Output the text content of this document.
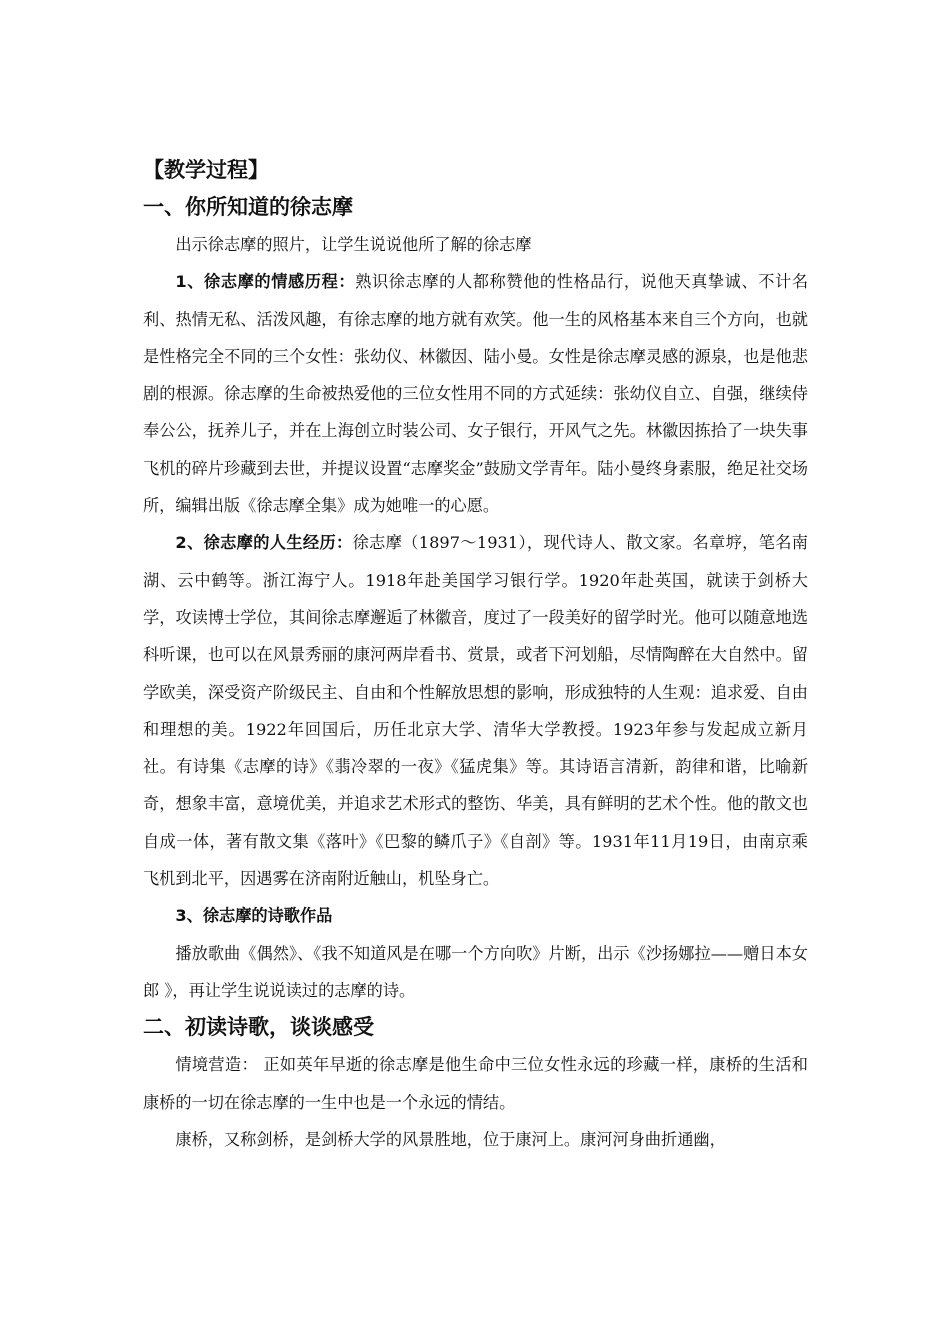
【教学过程】
一、你所知道的徐志摩

出示徐志摩的照片，让学生说说他所了解的徐志摩

1、徐志摩的情感历程：熟识徐志摩的人都称赞他的性格品行，说他天真挚诚、不计名利、热情无私、活泼风趣，有徐志摩的地方就有欢笑。他一生的风格基本来自三个方向，也就是性格完全不同的三个女性：张幼仪、林徽因、陆小曼。女性是徐志摩灵感的源泉，也是他悲剧的根源。徐志摩的生命被热爱他的三位女性用不同的方式延续：张幼仪自立、自强，继续侍奉公公，抚养儿子，并在上海创立时装公司、女子银行，开风气之先。林徽因拣拾了一块失事飞机的碎片珍藏到去世，并提议设置“志摩奖金”鼓励文学青年。陆小曼终身素服，绝足社交场所，编辑出版《徐志摩全集》成为她唯一的心愿。

2、徐志摩的人生经历：徐志摩（1897～1931），现代诗人、散文家。名章垿，笔名南湖、云中鹤等。浙江海宁人。1918年赴美国学习银行学。1920年赴英国，就读于剑桥大学，攻读博士学位，其间徐志摩邂逅了林徽音，度过了一段美好的留学时光。他可以随意地选科听课，也可以在风景秀丽的康河两岸看书、赏景，或者下河划船，尽情陶醉在大自然中。留学欧美，深受资产阶级民主、自由和个性解放思想的影响，形成独特的人生观：追求爱、自由和理想的美。1922年回国后，历任北京大学、清华大学教授。1923年参与发起成立新月社。有诗集《志摩的诗》《翡冷翠的一夜》《猛虎集》等。其诗语言清新，韵律和谐，比喻新奇，想象丰富，意境优美，并追求艺术形式的整饬、华美，具有鲜明的艺术个性。他的散文也自成一体，著有散文集《落叶》《巴黎的鳞爪子》《自剖》等。1931年11月19日，由南京乘飞机到北平，因遇雾在济南附近触山，机坠身亡。

3、徐志摩的诗歌作品

播放歌曲《偶然》、《我不知道风是在哪一个方向吹》片断，出示《沙扬娜拉——赠日本女郎 》，再让学生说说读过的志摩的诗。

二、初读诗歌，谈谈感受

情境营造： 正如英年早逝的徐志摩是他生命中三位女性永远的珍藏一样，康桥的生活和康桥的一切在徐志摩的一生中也是一个永远的情结。

康桥，又称剑桥，是剑桥大学的风景胜地，位于康河上。康河河身曲折通幽，
